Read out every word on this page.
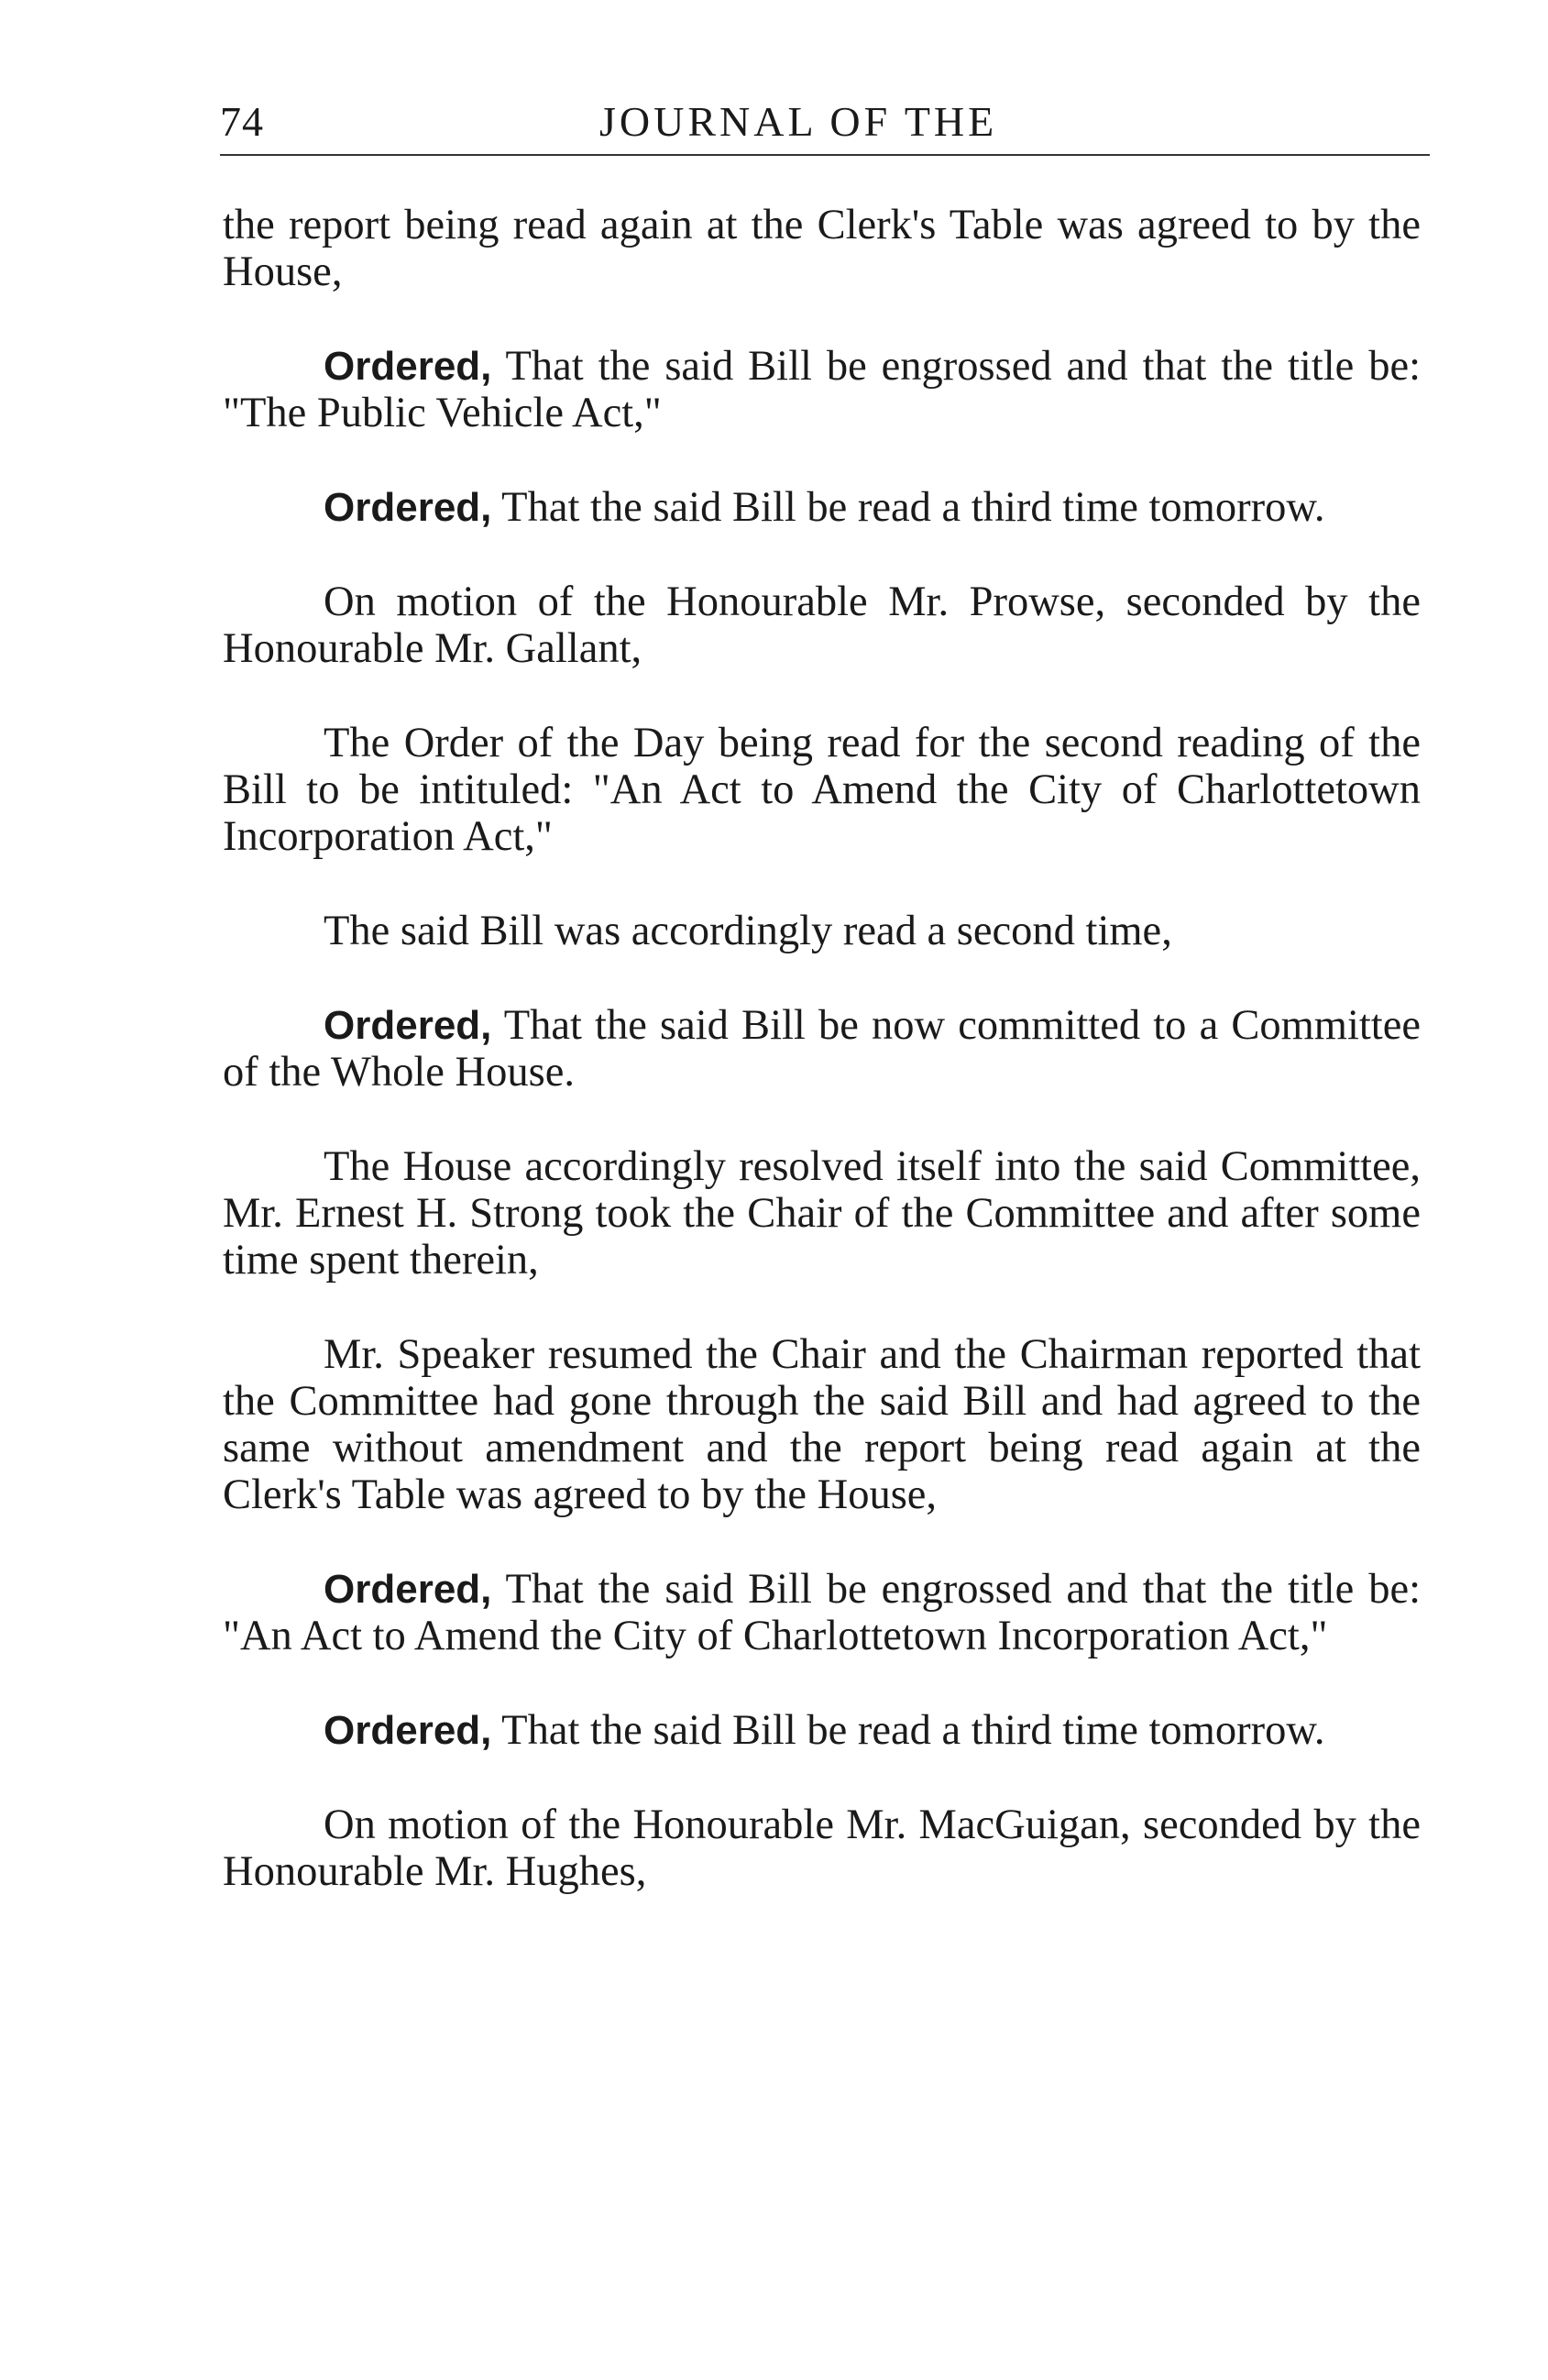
74	JOURNAL OF THE

the report being read again at the Clerk's Table was agreed to by the House,

Ordered, That the said Bill be engrossed and that the title be: "The Public Vehicle Act,"

Ordered, That the said Bill be read a third time tomorrow.

On motion of the Honourable Mr. Prowse, seconded by the Honourable Mr. Gallant,

The Order of the Day being read for the second reading of the Bill to be intituled: "An Act to Amend the City of Charlottetown Incorporation Act,"

The said Bill was accordingly read a second time,

Ordered, That the said Bill be now committed to a Committee of the Whole House.

The House accordingly resolved itself into the said Committee, Mr. Ernest H. Strong took the Chair of the Committee and after some time spent therein,

Mr. Speaker resumed the Chair and the Chairman reported that the Committee had gone through the said Bill and had agreed to the same without amendment and the report being read again at the Clerk's Table was agreed to by the House,

Ordered, That the said Bill be engrossed and that the title be: "An Act to Amend the City of Charlottetown Incorporation Act,"

Ordered, That the said Bill be read a third time tomorrow.

On motion of the Honourable Mr. MacGuigan, seconded by the Honourable Mr. Hughes,
